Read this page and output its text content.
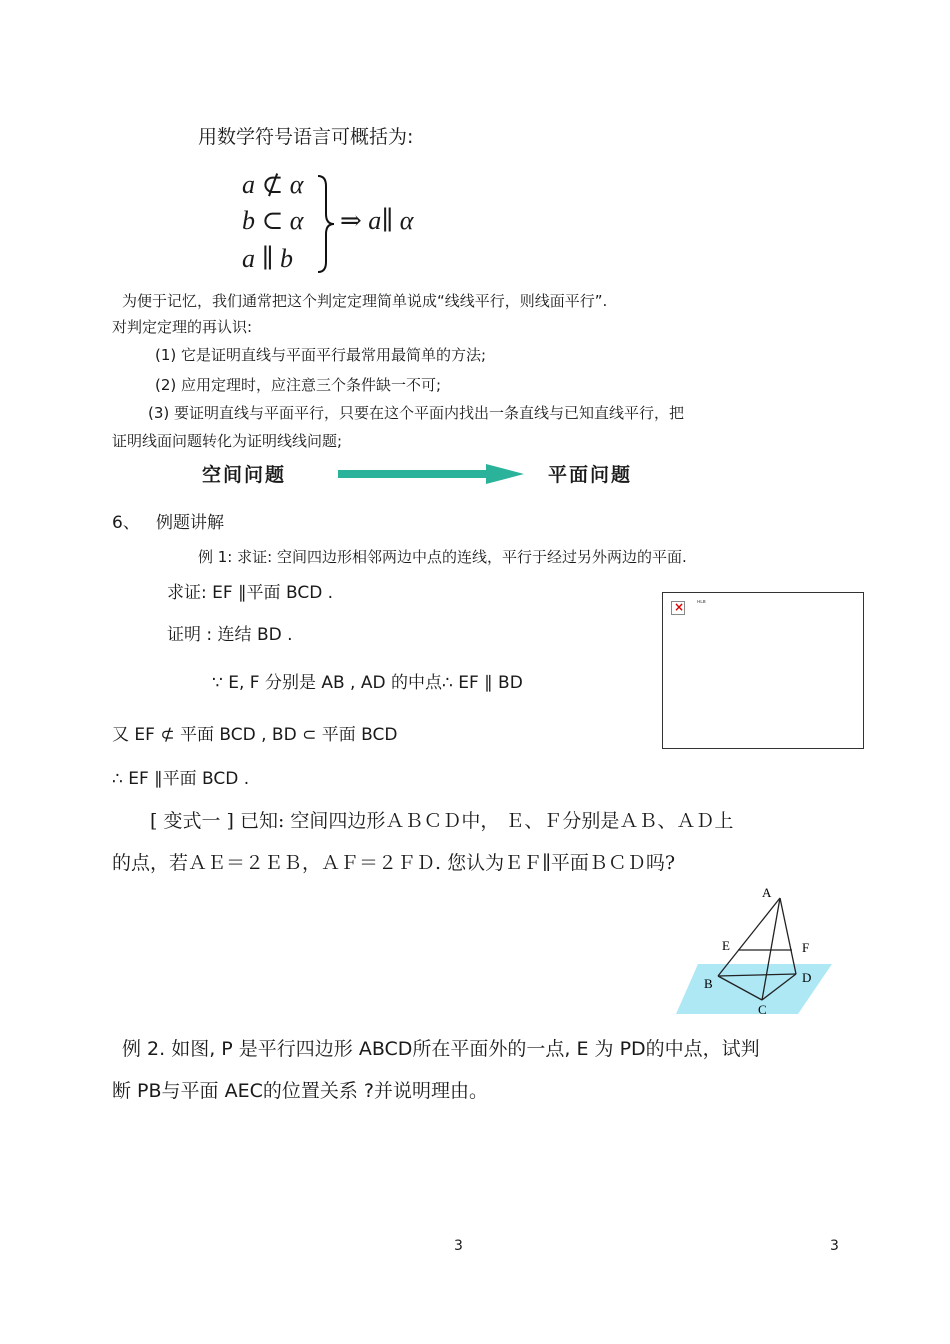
用数学符号语言可概括为:
a ⊄ α
b ⊂ α
a ∥ b
⇒ a∥ α
为便于记忆，我们通常把这个判定定理简单说成“线线平行，则线面平行”.
对判定定理的再认识:
(1) 它是证明直线与平面平行最常用最简单的方法;
(2) 应用定理时，应注意三个条件缺一不可;
(3) 要证明直线与平面平行，只要在这个平面内找出一条直线与已知直线平行，把
证明线面问题转化为证明线线问题;
空间问题	平面问题
6、 例题讲解
例 1: 求证: 空间四边形相邻两边中点的连线，平行于经过另外两边的平面.
求证: EF ∥平面 BCD .
证明 : 连结 BD .
∵ E, F 分别是 AB , AD 的中点∴ EF ∥ BD
又 EF ⊄ 平面 BCD , BD ⊂ 平面 BCD
∴ EF ∥平面 BCD .
×	ʜʟʙ
[ 变式一 ] 已知: 空间四边形ＡＢＣＤ中， Ｅ、Ｆ分别是ＡＢ、ＡＤ上
的点，若ＡＥ＝２ＥＢ，ＡＦ＝２ＦＤ. 您认为ＥＦ∥平面ＢＣＤ吗?
A
E	F
B	D
C
例 2. 如图, P 是平行四边形 ABCD所在平面外的一点, E 为 PD的中点，试判
断 PB与平面 AEC的位置关系 ?并说明理由。
3	3
